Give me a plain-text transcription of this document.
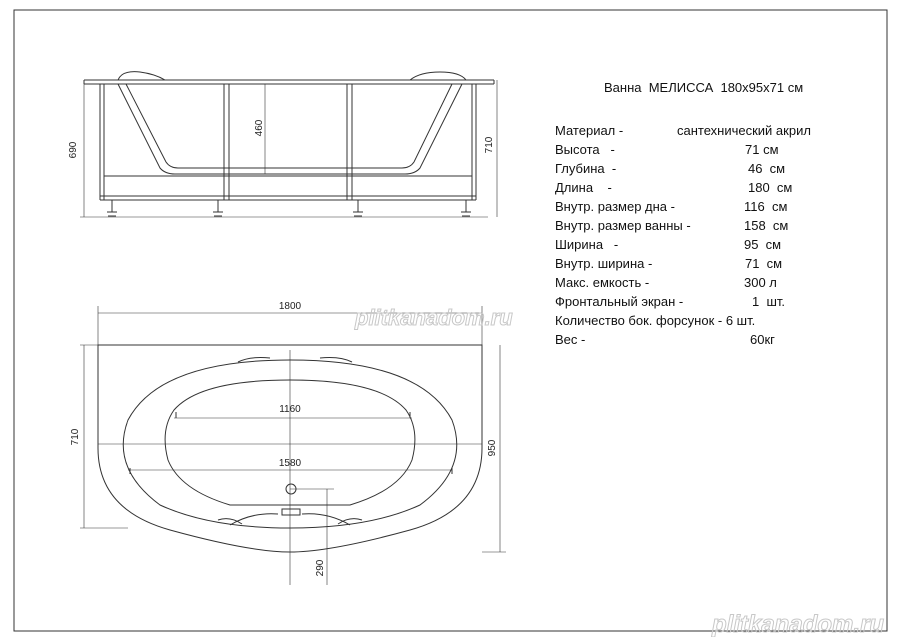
690
460
710
1800
1160
1580
950
710
290
plitkanadom.ru
plitkanadom.ru
Ванна  МЕЛИССА  180x95x71 см
Материал -	сантехнический акрил
Высота   -	71 см
Глубина  -	46  см
Длина    -	180  см
Внутр. размер дна -	116  см
Внутр. размер ванны -	158  см
Ширина   -	95  см
Внутр. ширина -	71  см
Макс. емкость -	300 л
Фронтальный экран -	1  шт.
Количество бок. форсунок - 6 шт.
Вес -	60кг
